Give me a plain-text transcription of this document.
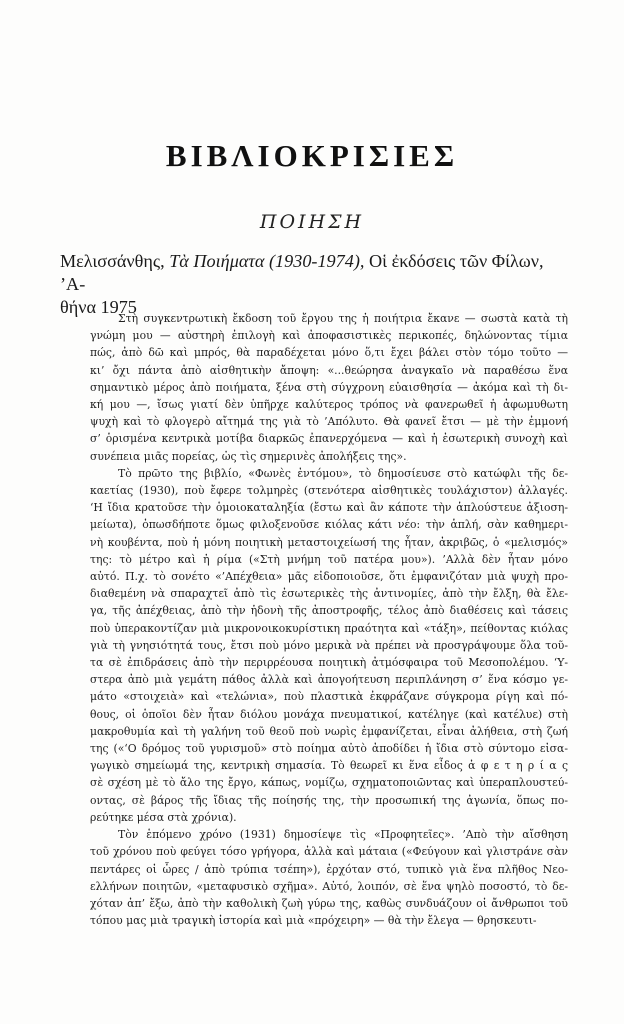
ΒΙΒΛΙΟΚΡΙΣΙΕΣ
ΠΟΙΗΣΗ
Μελισσάνθης, Τὰ Ποιήματα (1930-1974), Οἱ ἐκδόσεις τῶν Φίλων, ’Α-
θήνα 1975
Στὴ συγκεντρωτικὴ ἔκδοση τοῦ ἔργου της ἡ ποιήτρια ἔκανε — σωστὰ κατὰ τὴ
γνώμη μου — αὐστηρὴ ἐπιλογὴ καὶ ἀποφασιστικὲς περικοπές, δηλώνοντας τίμια
πώς, ἀπὸ δῶ καὶ μπρός, θὰ παραδέχεται μόνο ὅ,τι ἔχει βάλει στὸν τόμο τοῦτο —
κι’ ὄχι πάντα ἀπὸ αἰσθητικὴν ἄποψη: «...θεώρησα ἀναγκαῖο νὰ παραθέσω ἕνα
σημαντικὸ μέρος ἀπὸ ποιήματα, ξένα στὴ σύγχρονη εὐαισθησία — ἀκόμα καὶ τὴ δι-
κή μου —, ἴσως γιατί δὲν ὑπῆρχε καλύτερος τρόπος νὰ φανερωθεῖ ἡ ἀφωμυθωτη
ψυχὴ καὶ τὸ φλογερὸ αἴτημά της γιὰ τὸ ’Απόλυτο. Θὰ φανεῖ ἔτσι — μὲ τὴν ἐμμονή
σ’ ὁρισμένα κεντρικὰ μοτίβα διαρκῶς ἐπανερχόμενα — καὶ ἡ ἐσωτερικὴ συνοχὴ καὶ
συνέπεια μιᾶς πορείας, ὡς τὶς σημερινὲς ἀπολήξεις της».
Τὸ πρῶτο της βιβλίο, «Φωνὲς ἐντόμου», τὸ δημοσίευσε στὸ κατώφλι τῆς δε-
καετίας (1930), ποὺ ἔφερε τολμηρὲς (στενότερα αἰσθητικὲς τουλάχιστον) ἀλλαγές.
‘Η ἴδια κρατοῦσε τὴν ὁμοιοκαταληξία (ἔστω καὶ ἂν κάποτε τὴν ἁπλούστευε ἀξιοση-
μείωτα), ὁπωσδήποτε ὅμως φιλοξενοῦσε κιόλας κάτι νέο: τὴν ἁπλή, σὰν καθημερι-
νὴ κουβέντα, ποὺ ἡ μόνη ποιητικὴ μεταστοιχείωσή της ἦταν, ἀκριβῶς, ὁ «μελισμός»
της: τὸ μέτρο καὶ ἡ ρίμα («Στὴ μνήμη τοῦ πατέρα μου»). ’Αλλὰ δὲν ἦταν μόνο
αὐτό. Π.χ. τὸ σονέτο «’Απέχθεια» μᾶς εἰδοποιοῦσε, ὅτι ἐμφανιζόταν μιὰ ψυχὴ προ-
διαθεμένη νὰ σπαραχτεῖ ἀπὸ τὶς ἐσωτερικὲς τὴς ἀντινομίες, ἀπὸ τὴν ἔλξη, θὰ ἔλε-
γα, τῆς ἀπέχθειας, ἀπὸ τὴν ἡδονὴ τῆς ἀποστροφῆς, τέλος ἀπὸ διαθέσεις καὶ τάσεις
ποὺ ὑπερακοντίζαν μιὰ μικρονοικοκυρίστικη πραότητα καὶ «τάξη», πείθοντας κιόλας
γιὰ τὴ γνησιότητά τους, ἔτσι ποὺ μόνο μερικὰ νὰ πρέπει νὰ προσγράψουμε ὅλα τοῦ-
τα σὲ ἐπιδράσεις ἀπὸ τὴν περιρρέουσα ποιητικὴ ἀτμόσφαιρα τοῦ Μεσοπολέμου. ‘Υ-
στερα ἀπὸ μιὰ γεμάτη πάθος ἀλλὰ καὶ ἀπογοήτευση περιπλάνηση σ’ ἕνα κόσμο γε-
μάτο «στοιχειὰ» καὶ «τελώνια», ποὺ πλαστικὰ ἐκφράζανε σύγκρομα ρίγη καὶ πό-
θους, οἱ ὁποῖοι δὲν ἦταν διόλου μονάχα πνευματικοί, κατέληγε (καὶ κατέλυε) στὴ
μακροθυμία καὶ τὴ γαλήνη τοῦ θεοῦ ποὺ νωρὶς ἐμφανίζεται, εἶναι ἀλήθεια, στὴ ζωή
της («‘Ο δρόμος τοῦ γυρισμοῦ» στὸ ποίημα αὐτὸ ἀποδίδει ἡ ἴδια στὸ σύντομο εἰσα-
γωγικὸ σημείωμά της, κεντρικὴ σημασία. Τὸ θεωρεῖ κι ἕνα εἶδος ἀ φ ε τ η ρ ί α ς
σὲ σχέση μὲ τὸ ἄλο της ἔργο, κάπως, νομίζω, σχηματοποιῶντας καὶ ὑπεραπλουστεύ-
οντας, σὲ βάρος τῆς ἴδιας τῆς ποίησής της, τὴν προσωπική της ἀγωνία, ὅπως πο-
ρεύτηκε μέσα στὰ χρόνια).
Τὸν ἑπόμενο χρόνο (1931) δημοσίεψε τὶς «Προφητεῖες». ’Απὸ τὴν αἴσθηση
τοῦ χρόνου ποὺ φεύγει τόσο γρήγορα, ἀλλὰ καὶ μάταια («Φεύγουν καὶ γλιστράνε σὰν
πεντάρες οἱ ὧρες / ἀπὸ τρύπια τσέπη»), ἐρχόταν στό, τυπικὸ γιὰ ἕνα πλῆθος Νεο-
ελλήνων ποιητῶν, «μεταφυσικὸ σχῆμα». Αὐτό, λοιπόν, σὲ ἕνα ψηλὸ ποσοστό, τὸ δε-
χόταν ἀπ’ ἔξω, ἀπὸ τὴν καθολικὴ ζωὴ γύρω της, καθὼς συνδυάζουν οἱ ἄνθρωποι τοῦ
τόπου μας μιὰ τραγικὴ ἱστορία καὶ μιὰ «πρόχειρη» — θὰ τὴν ἔλεγα — θρησκευτι-
